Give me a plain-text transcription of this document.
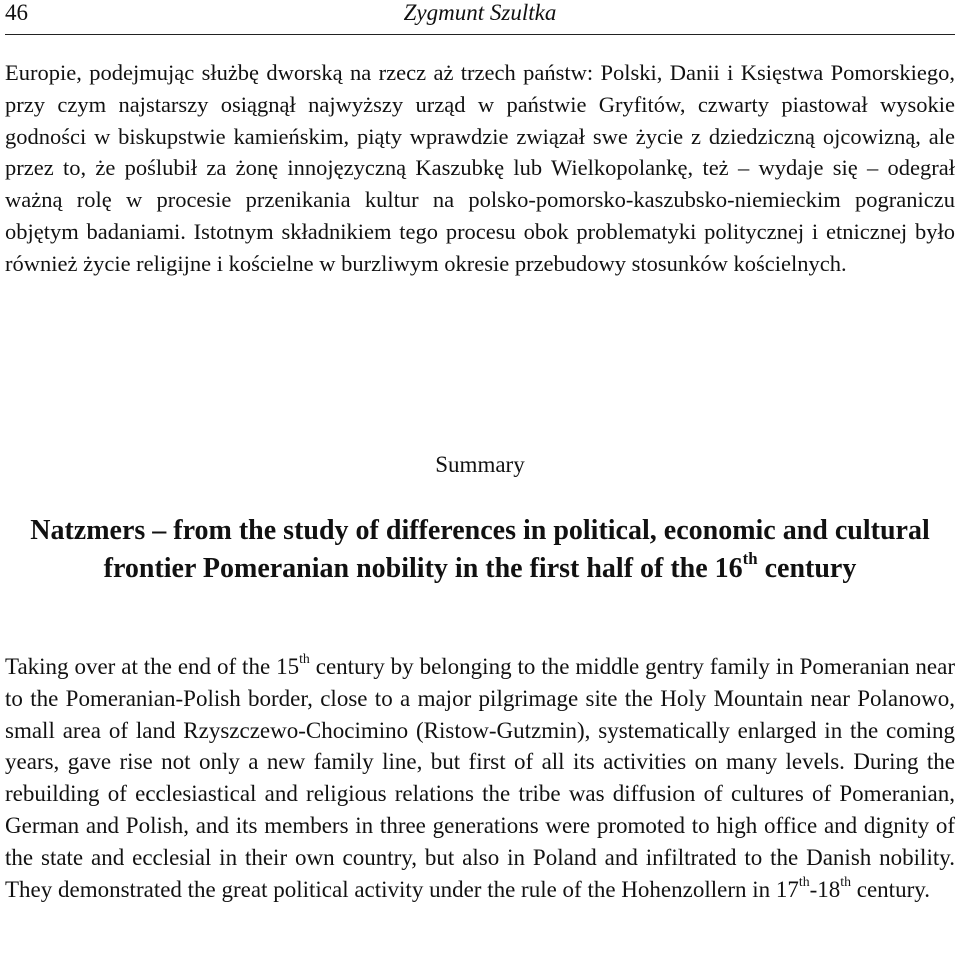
46	Zygmunt Szultka

Europie, podejmując służbę dworską na rzecz aż trzech państw: Polski, Danii i Księstwa Pomorskiego, przy czym najstarszy osiągnął najwyższy urząd w państwie Gryfitów, czwarty piastował wysokie godności w biskupstwie kamieńskim, piąty wprawdzie związał swe życie z dziedziczną ojcowizną, ale przez to, że poślubił za żonę innojęzyczną Kaszubkę lub Wielkopolankę, też – wydaje się – odegrał ważną rolę w procesie przenikania kultur na polsko-pomorsko-kaszubsko-niemieckim pograniczu objętym badaniami. Istotnym składnikiem tego procesu obok problematyki politycznej i etnicznej było również życie religijne i kościelne w burzliwym okresie przebudowy stosunków kościelnych.

Summary
Natzmers – from the study of differences in political, economic and cultural frontier Pomeranian nobility in the first half of the 16th century

Taking over at the end of the 15th century by belonging to the middle gentry family in Pomeranian near to the Pomeranian-Polish border, close to a major pilgrimage site the Holy Mountain near Polanowo, small area of land Rzyszczewo-Chocimino (Ristow-Gutzmin), systematically enlarged in the coming years, gave rise not only a new family line, but first of all its activities on many levels. During the rebuilding of ecclesiastical and religious relations the tribe was diffusion of cultures of Pomeranian, German and Polish, and its members in three generations were promoted to high office and dignity of the state and ecclesial in their own country, but also in Poland and infiltrated to the Danish nobility. They demonstrated the great political activity under the rule of the Hohenzollern in 17th-18th century.
